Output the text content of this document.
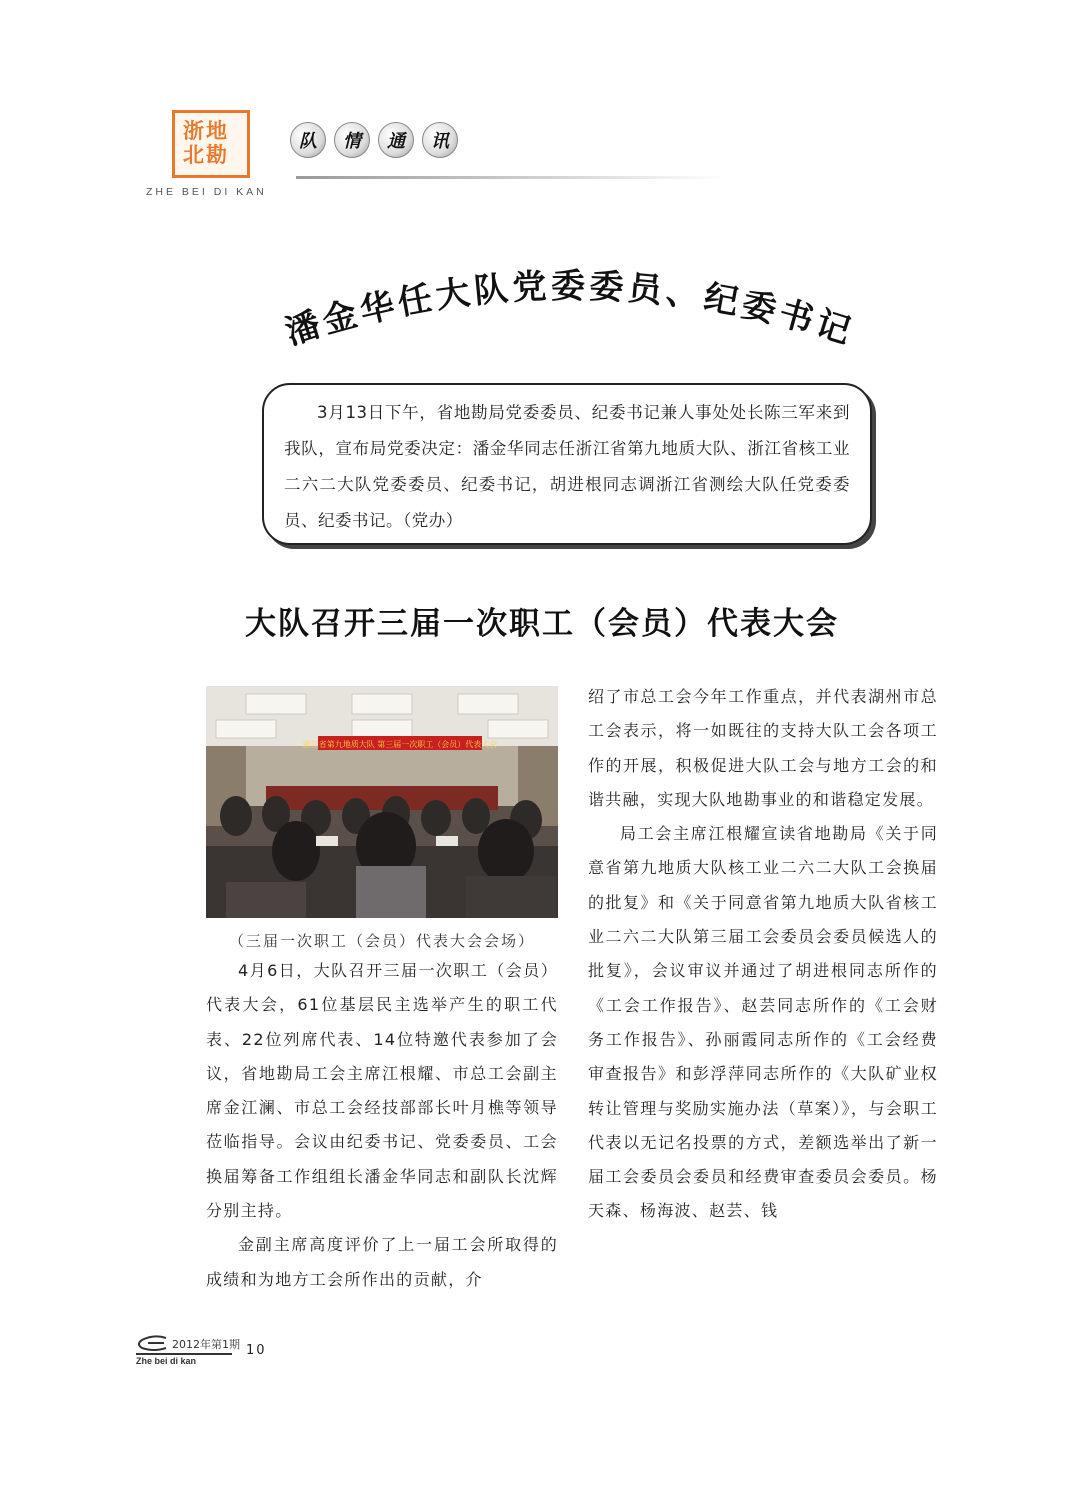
浙地北勘
ZHE BEI DI KAN
队	情	通	讯
潘金华任大队党委委员、纪委书记
3月13日下午，省地勘局党委委员、纪委书记兼人事处处长陈三军来到我队，宣布局党委决定：潘金华同志任浙江省第九地质大队、浙江省核工业二六二大队党委委员、纪委书记，胡进根同志调浙江省测绘大队任党委委员、纪委书记。（党办）
大队召开三届一次职工（会员）代表大会
浙江省第九地质大队 第三届一次职工（会员）代表大会
（三届一次职工（会员）代表大会会场）

4月6日，大队召开三届一次职工（会员）代表大会，61位基层民主选举产生的职工代表、22位列席代表、14位特邀代表参加了会议，省地勘局工会主席江根耀、市总工会副主席金江澜、市总工会经技部部长叶月樵等领导莅临指导。会议由纪委书记、党委委员、工会换届筹备工作组组长潘金华同志和副队长沈辉分别主持。

金副主席高度评价了上一届工会所取得的成绩和为地方工会所作出的贡献，介

绍了市总工会今年工作重点，并代表湖州市总工会表示，将一如既往的支持大队工会各项工作的开展，积极促进大队工会与地方工会的和谐共融，实现大队地勘事业的和谐稳定发展。

局工会主席江根耀宣读省地勘局《关于同意省第九地质大队核工业二六二大队工会换届的批复》和《关于同意省第九地质大队省核工业二六二大队第三届工会委员会委员候选人的批复》，会议审议并通过了胡进根同志所作的《工会工作报告》、赵芸同志所作的《工会财务工作报告》、孙丽霞同志所作的《工会经费审查报告》和彭浮萍同志所作的《大队矿业权转让管理与奖励实施办法（草案）》，与会职工代表以无记名投票的方式，差额选举出了新一届工会委员会委员和经费审查委员会委员。杨天森、杨海波、赵芸、钱

2012年第1期
Zhe bei di kan
10
